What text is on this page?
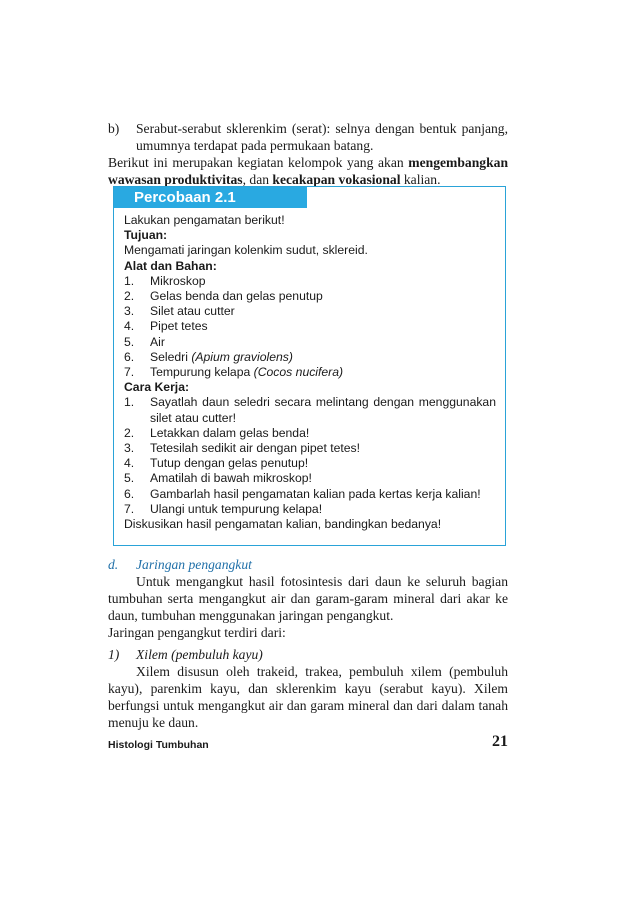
b)	Serabut-serabut sklerenkim (serat): selnya dengan bentuk panjang, umumnya terdapat pada permukaan batang.

Berikut ini merupakan kegiatan kelompok yang akan mengembangkan wawasan produktivitas, dan kecakapan vokasional kalian.

Percobaan 2.1
Lakukan pengamatan berikut!
Tujuan:
Mengamati jaringan kolenkim sudut, sklereid.
Alat dan Bahan:
1.	Mikroskop
2.	Gelas benda dan gelas penutup
3.	Silet atau cutter
4.	Pipet tetes
5.	Air
6.	Seledri (Apium graviolens)
7.	Tempurung kelapa (Cocos nucifera)
Cara Kerja:
1.	Sayatlah daun seledri secara melintang dengan menggunakan silet atau cutter!
2.	Letakkan dalam gelas benda!
3.	Tetesilah sedikit air dengan pipet tetes!
4.	Tutup dengan gelas penutup!
5.	Amatilah di bawah mikroskop!
6.	Gambarlah hasil pengamatan kalian pada kertas kerja kalian!
7.	Ulangi untuk tempurung kelapa!
Diskusikan hasil pengamatan kalian, bandingkan bedanya!
d.	Jaringan pengangkut

Untuk mengangkut hasil fotosintesis dari daun ke seluruh bagian tumbuhan serta mengangkut air dan garam-garam mineral dari akar ke daun, tumbuhan menggunakan jaringan pengangkut.

Jaringan pengangkut terdiri dari:

1)	Xilem (pembuluh kayu)

Xilem disusun oleh trakeid, trakea, pembuluh xilem (pembuluh kayu), parenkim kayu, dan sklerenkim kayu (serabut kayu). Xilem berfungsi untuk mengangkut air dan garam mineral dan dari dalam tanah menuju ke daun.

Histologi Tumbuhan	21
